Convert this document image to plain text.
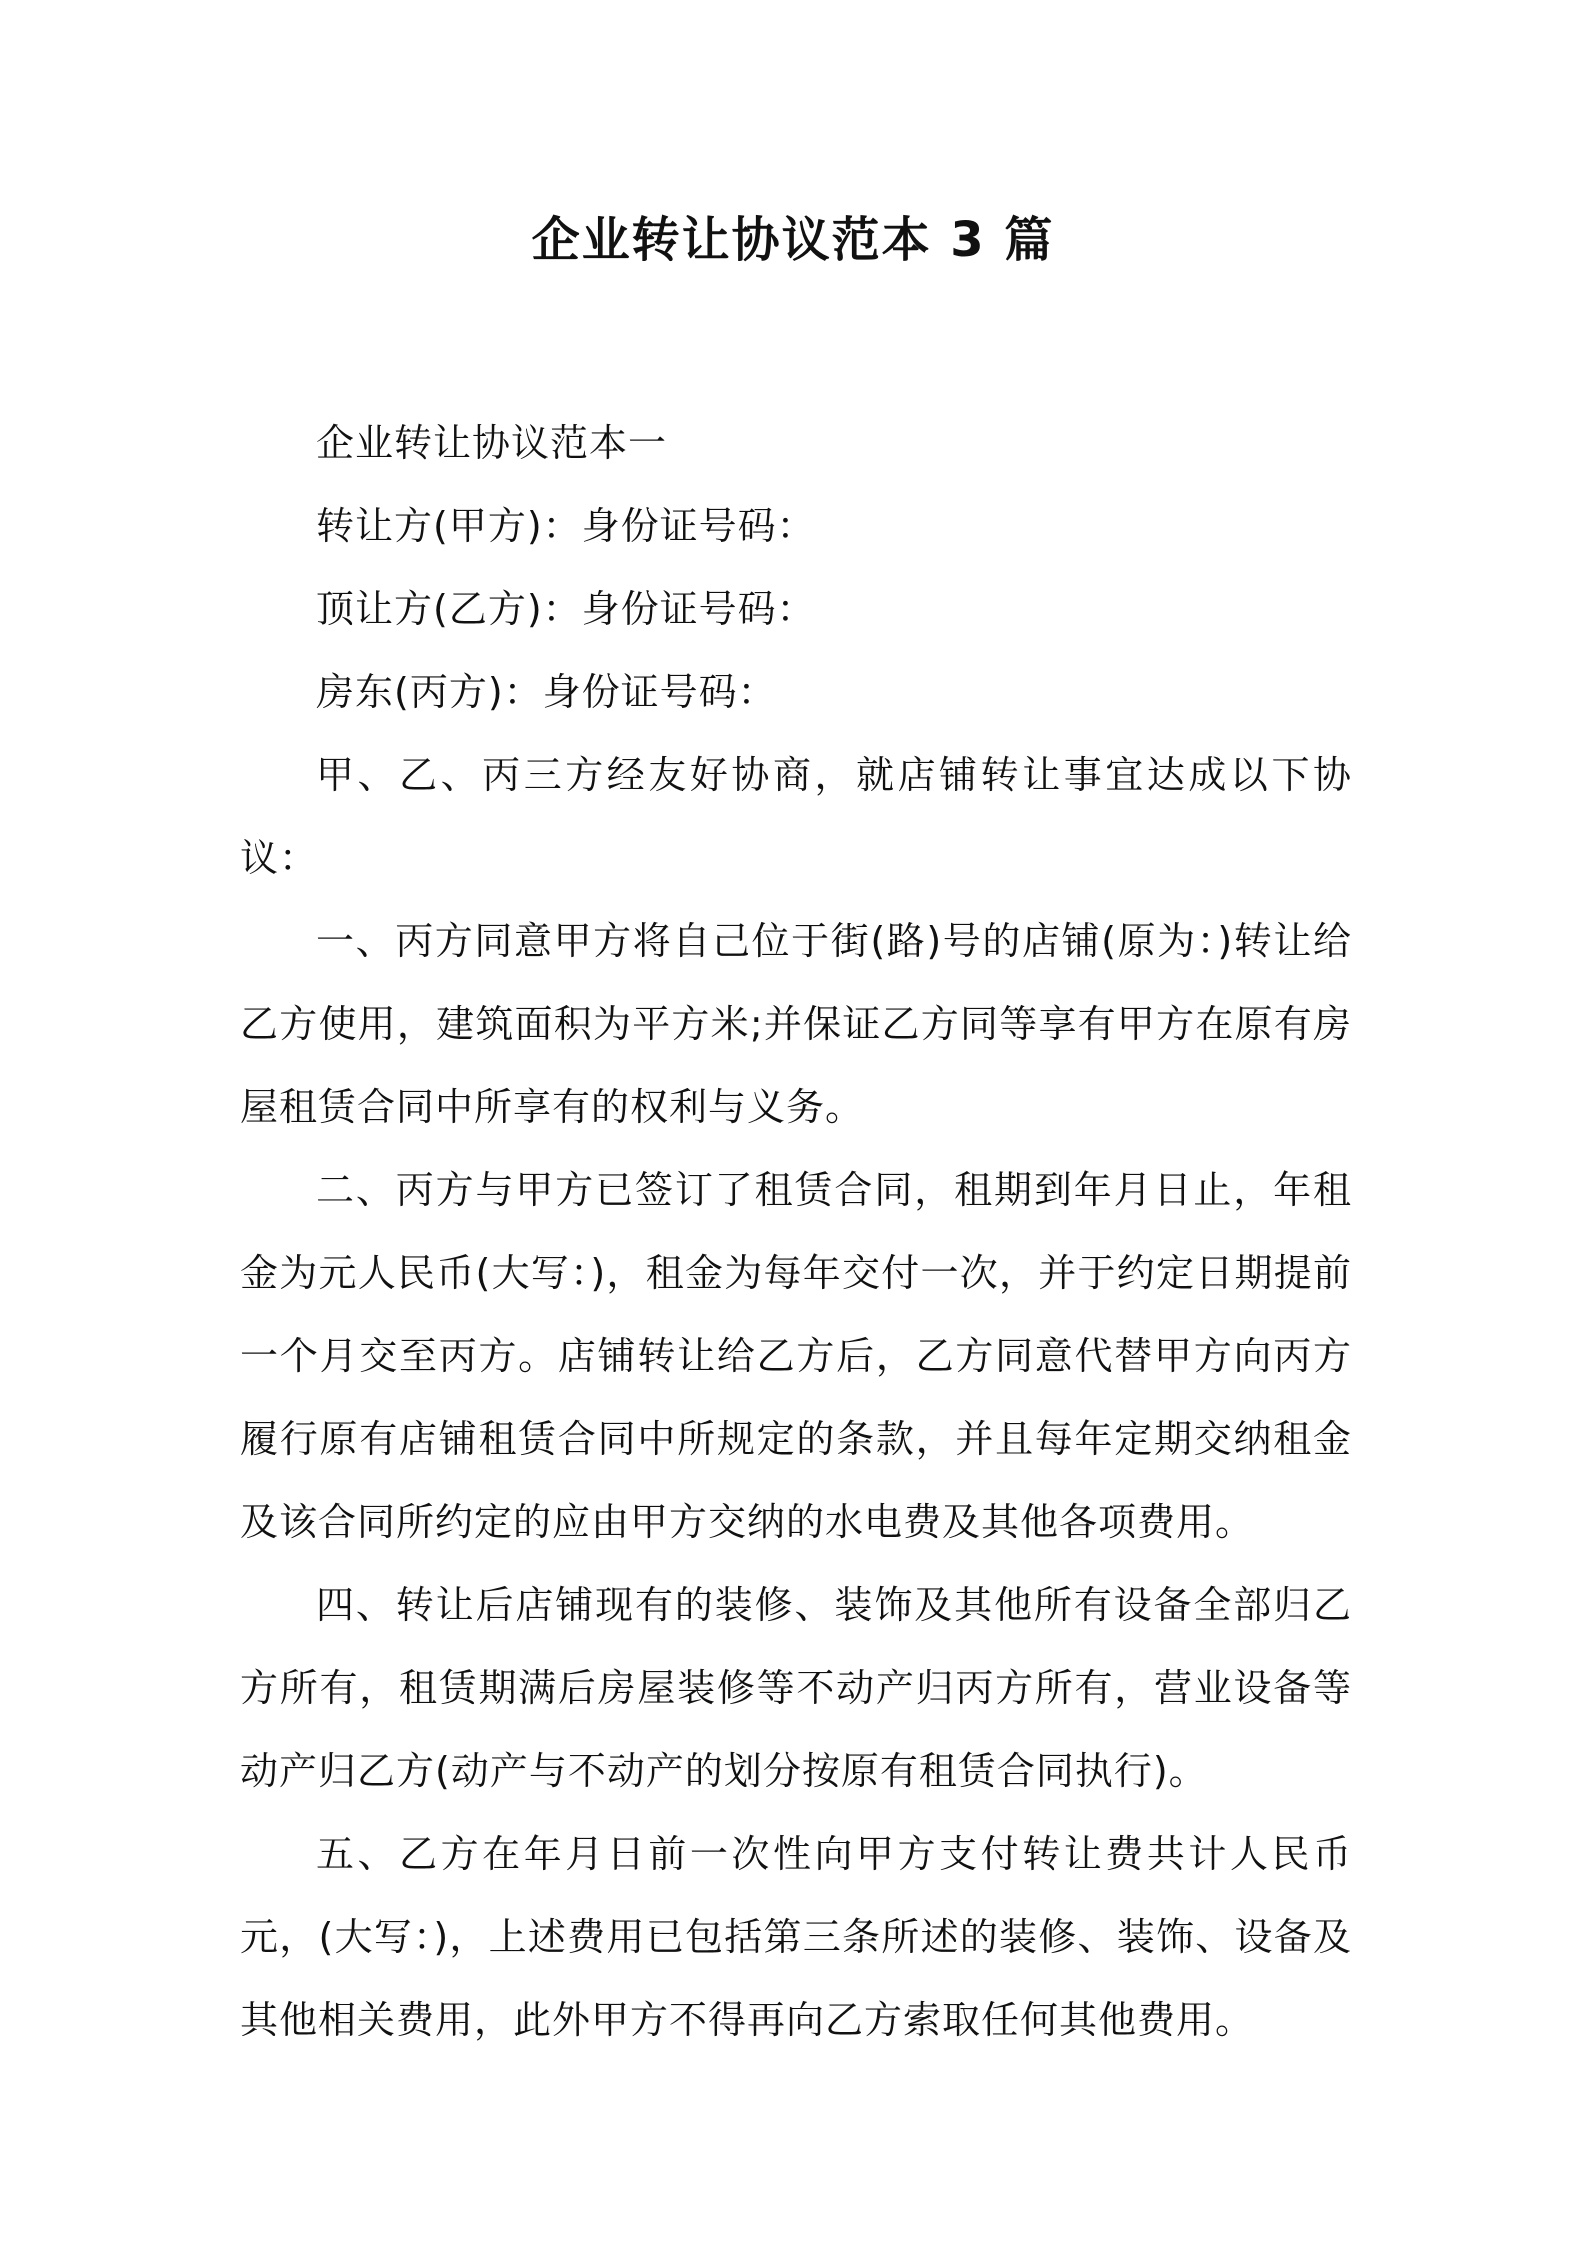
企业转让协议范本 3 篇

企业转让协议范本一

转让方(甲方)：身份证号码：

顶让方(乙方)：身份证号码：

房东(丙方)：身份证号码：

甲、乙、丙三方经友好协商，就店铺转让事宜达成以下协议：

一、丙方同意甲方将自己位于街(路)号的店铺(原为：)转让给乙方使用，建筑面积为平方米;并保证乙方同等享有甲方在原有房屋租赁合同中所享有的权利与义务。

二、丙方与甲方已签订了租赁合同，租期到年月日止，年租金为元人民币(大写：)，租金为每年交付一次，并于约定日期提前一个月交至丙方。店铺转让给乙方后，乙方同意代替甲方向丙方履行原有店铺租赁合同中所规定的条款，并且每年定期交纳租金及该合同所约定的应由甲方交纳的水电费及其他各项费用。

四、转让后店铺现有的装修、装饰及其他所有设备全部归乙方所有，租赁期满后房屋装修等不动产归丙方所有，营业设备等动产归乙方(动产与不动产的划分按原有租赁合同执行)。

五、乙方在年月日前一次性向甲方支付转让费共计人民币元，(大写：)，上述费用已包括第三条所述的装修、装饰、设备及其他相关费用，此外甲方不得再向乙方索取任何其他费用。
